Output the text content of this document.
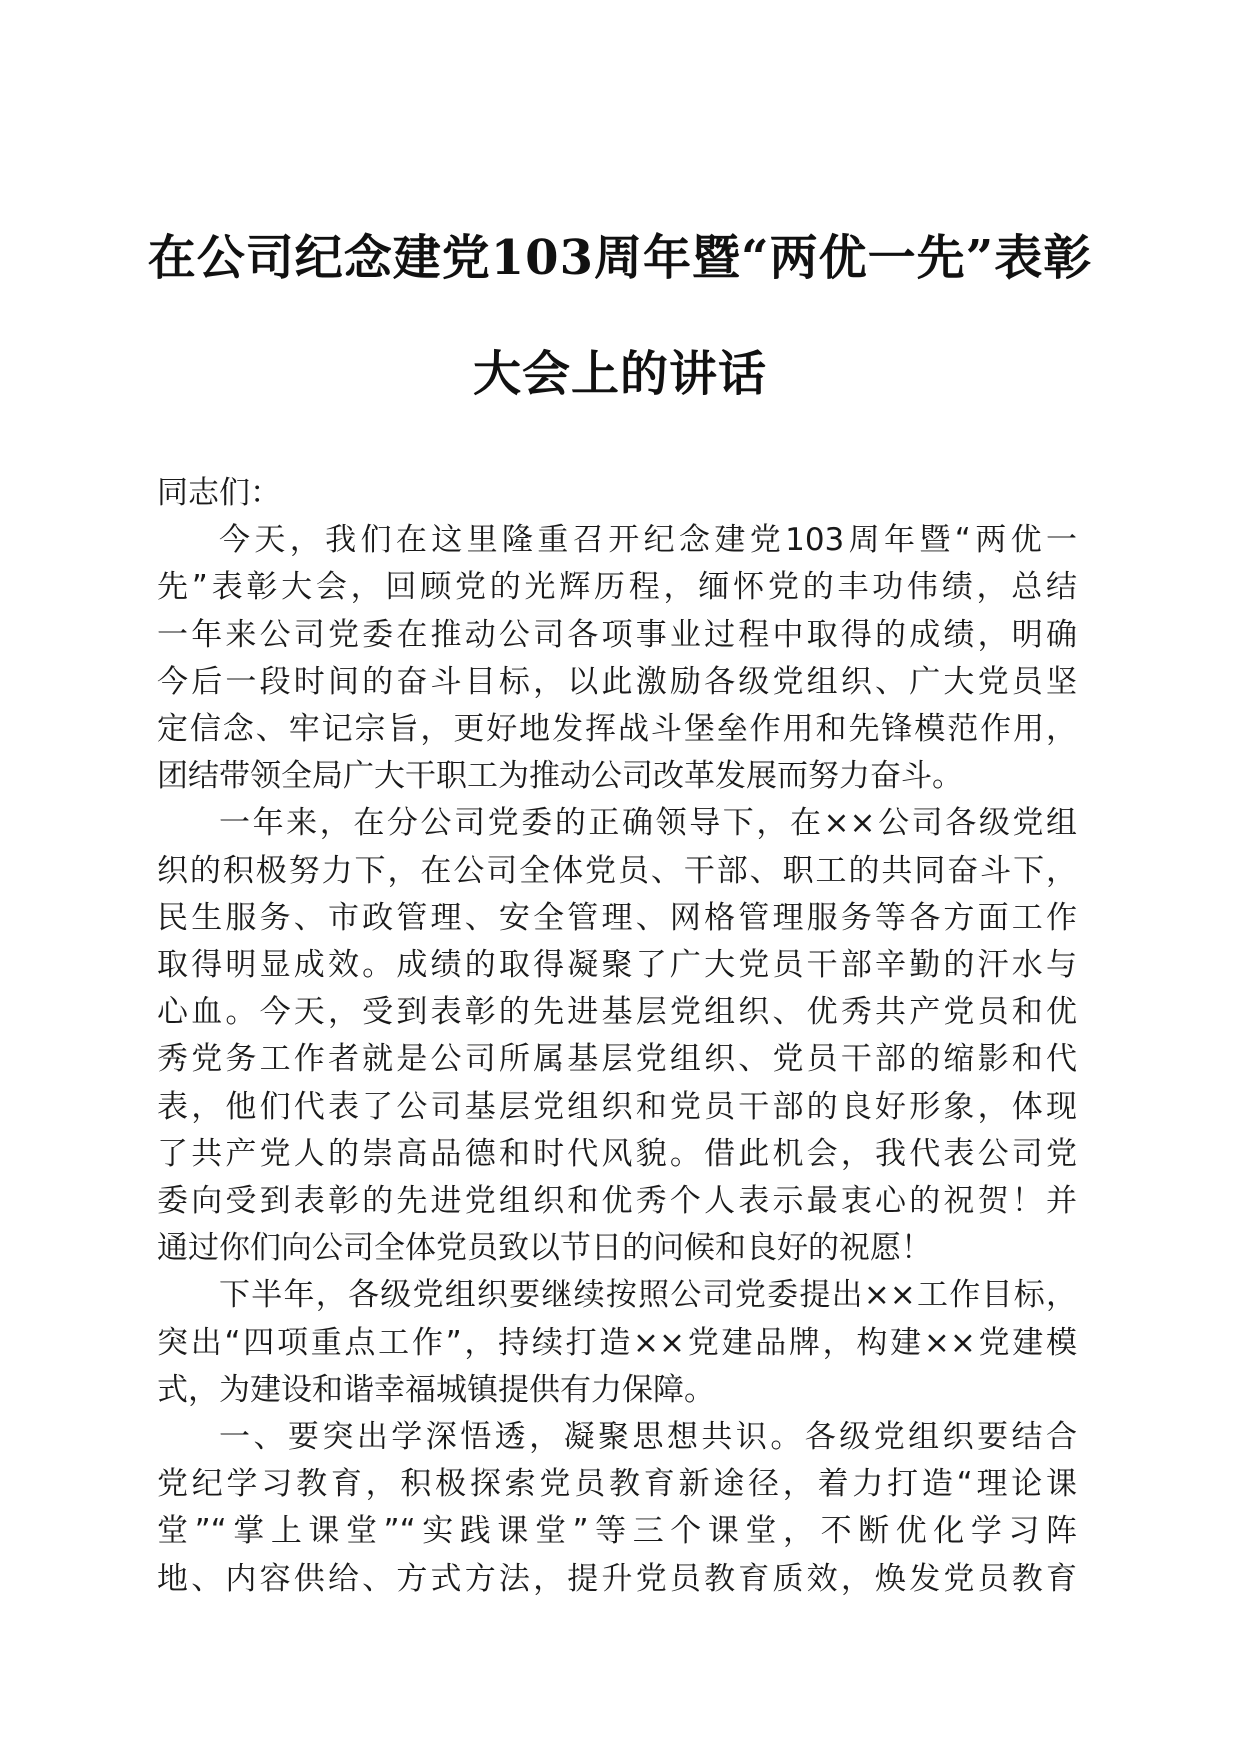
在公司纪念建党103周年暨“两优一先”表彰
大会上的讲话

同志们：

今天，我们在这里隆重召开纪念建党103周年暨“两优一
先”表彰大会，回顾党的光辉历程，缅怀党的丰功伟绩，总结
一年来公司党委在推动公司各项事业过程中取得的成绩，明确
今后一段时间的奋斗目标，以此激励各级党组织、广大党员坚
定信念、牢记宗旨，更好地发挥战斗堡垒作用和先锋模范作用，
团结带领全局广大干职工为推动公司改革发展而努力奋斗。
一年来，在分公司党委的正确领导下，在××公司各级党组
织的积极努力下，在公司全体党员、干部、职工的共同奋斗下，
民生服务、市政管理、安全管理、网格管理服务等各方面工作
取得明显成效。成绩的取得凝聚了广大党员干部辛勤的汗水与
心血。今天，受到表彰的先进基层党组织、优秀共产党员和优
秀党务工作者就是公司所属基层党组织、党员干部的缩影和代
表，他们代表了公司基层党组织和党员干部的良好形象，体现
了共产党人的崇高品德和时代风貌。借此机会，我代表公司党
委向受到表彰的先进党组织和优秀个人表示最衷心的祝贺！并
通过你们向公司全体党员致以节日的问候和良好的祝愿！
下半年，各级党组织要继续按照公司党委提出××工作目标，
突出“四项重点工作”，持续打造××党建品牌，构建××党建模
式，为建设和谐幸福城镇提供有力保障。
一、要突出学深悟透，凝聚思想共识。各级党组织要结合
党纪学习教育，积极探索党员教育新途径，着力打造“理论课
堂”“掌上课堂”“实践课堂”等三个课堂，不断优化学习阵
地、内容供给、方式方法，提升党员教育质效，焕发党员教育
